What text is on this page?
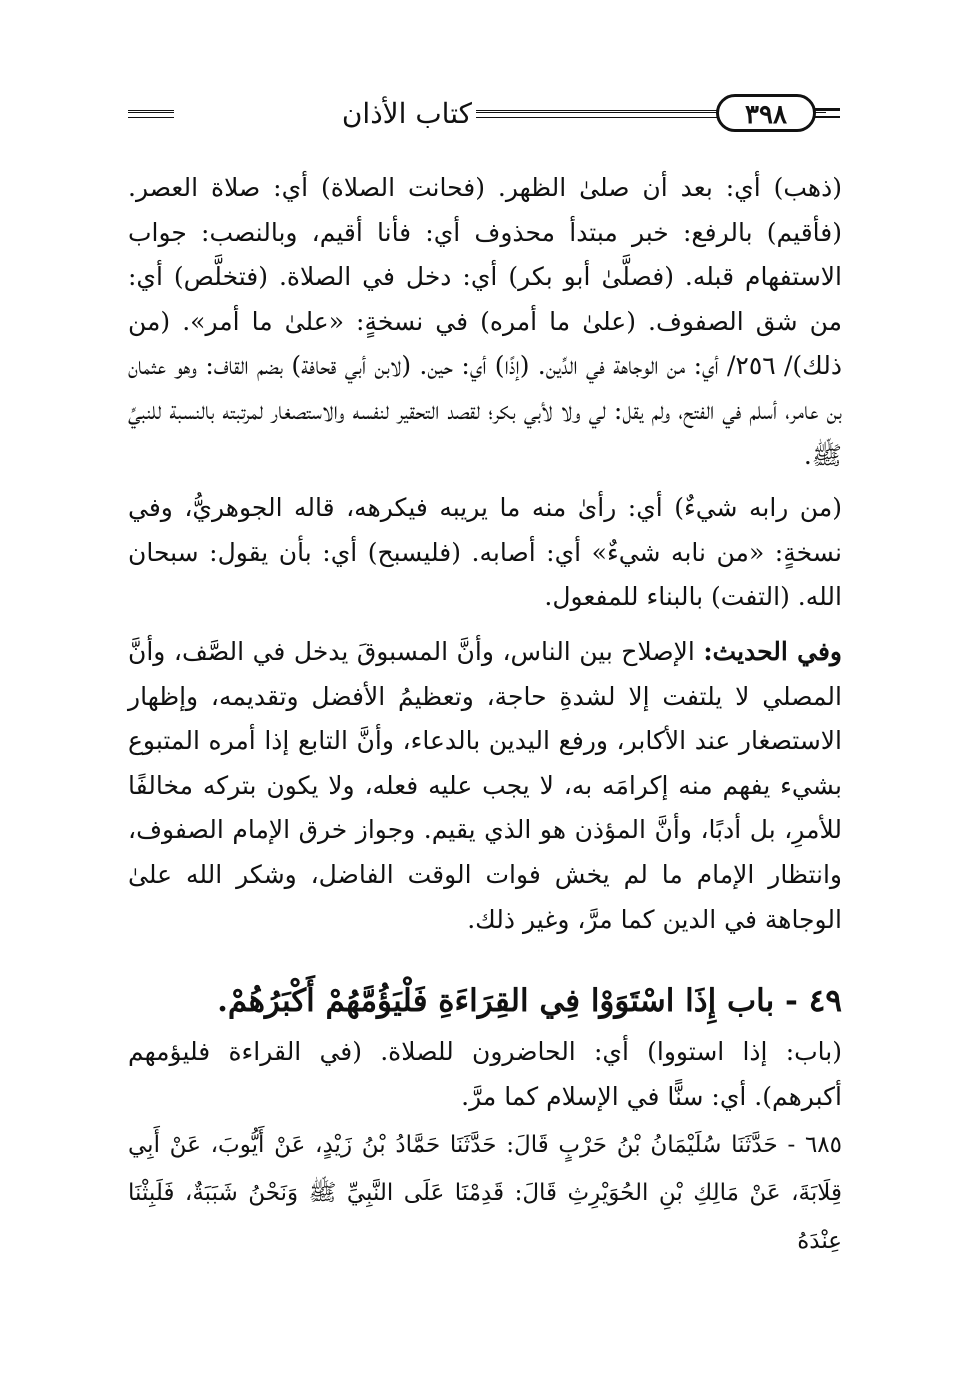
كتاب الأذان	٣٩٨

(ذهب) أي: بعد أن صلىٰ الظهر. (فحانت الصلاة) أي: صلاة العصر. (فأقيم) بالرفع: خبر مبتدأ محذوف أي: فأنا أقيم، وبالنصب: جواب الاستفهام قبله. (فصلَّىٰ أبو بكر) أي: دخل في الصلاة. (فتخلَّص) أي: من شق الصفوف. (علىٰ ما أمره) في نسخةٍ: «علىٰ ما أمر». (من ذلك)/ ٢٥٦/ أي: من الوجاهة في الدِّين. (إذًا) أي: حين. (لابن أبي قحافة) بضم القاف: وهو عثمان بن عامر، أسلم في الفتح، ولم يقل: لي ولا لأبي بكر؛ لقصد التحقير لنفسه والاستصغار لمرتبته بالنسبة للنبيِّ ﷺ.

(من رابه شيءٌ) أي: رأىٰ منه ما يريبه فيكرهه، قاله الجوهريُّ، وفي نسخةٍ: «من نابه شيءٌ» أي: أصابه. (فليسبح) أي: بأن يقول: سبحان الله. (التفت) بالبناء للمفعول.

وفي الحديث: الإصلاح بين الناس، وأنَّ المسبوقَ يدخل في الصَّف، وأنَّ المصلي لا يلتفت إلا لشدةِ حاجة، وتعظيمُ الأفضل وتقديمه، وإظهار الاستصغار عند الأكابر، ورفع اليدين بالدعاء، وأنَّ التابع إذا أمره المتبوع بشيء يفهم منه إكرامَه به، لا يجب عليه فعله، ولا يكون بتركه مخالفًا للأمرِ، بل أدبًا، وأنَّ المؤذن هو الذي يقيم. وجواز خرق الإمام الصفوف، وانتظار الإمام ما لم يخش فوات الوقت الفاضل، وشكر الله علىٰ الوجاهة في الدين كما مرَّ، وغير ذلك.

٤٩ - باب إِذَا اسْتَوَوْا فِي القِرَاءَةِ فَلْيَؤُمَّهُمْ أَكْبَرُهُمْ.

(باب: إذا استووا) أي: الحاضرون للصلاة. (في القراءة فليؤمهم أكبرهم). أي: سنًّا في الإسلام كما مرَّ.

٦٨٥ - حَدَّثَنَا سُلَيْمَانُ بْنُ حَرْبٍ قَالَ: حَدَّثَنَا حَمَّادُ بْنُ زَيْدٍ، عَنْ أَيُّوبَ، عَنْ أَبِي قِلَابَةَ، عَنْ مَالِكِ بْنِ الحُوَيْرِثِ قَالَ: قَدِمْنَا عَلَى النَّبِيِّ ﷺ وَنَحْنُ شَبَبَةٌ، فَلَبِثْنَا عِنْدَهُ
